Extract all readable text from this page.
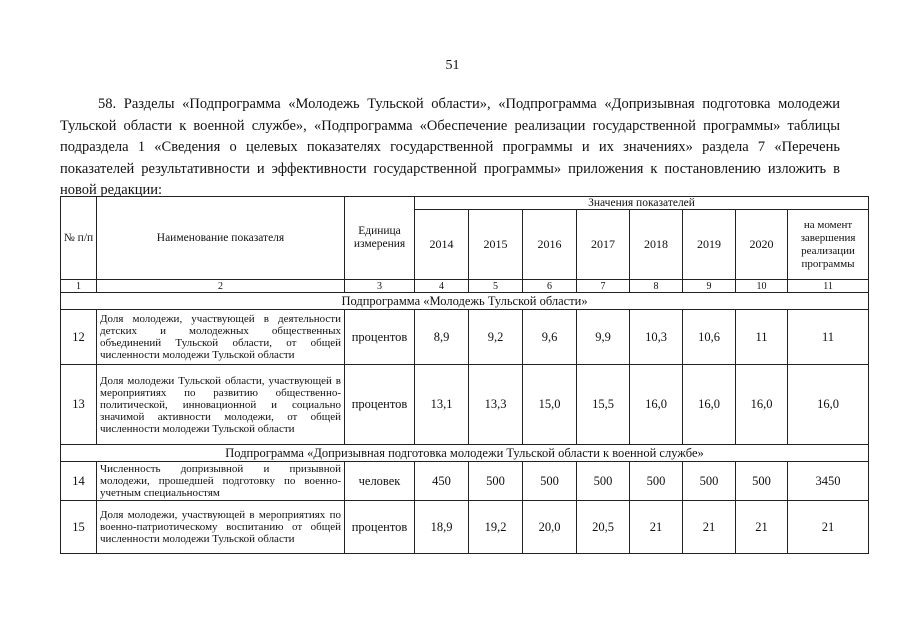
51

58. Разделы «Подпрограмма «Молодежь Тульской области», «Подпрограмма «Допризывная подготовка молодежи Тульской области к военной службе», «Подпрограмма «Обеспечение реализации государственной программы» таблицы подраздела 1 «Сведения о целевых показателях государственной программы и их значениях» раздела 7 «Перечень показателей результативности и эффективности государственной программы» приложения к постановлению изложить в новой редакции:

№ п/п	Наименование показателя	Единица измерения	Значения показателей							
			2014	2015	2016	2017	2018	2019	2020	на момент завершения реализации программы
1	2	3	4	5	6	7	8	9	10	11
Подпрограмма «Молодежь Тульской области»										
12	Доля молодежи, участвующей в деятельности детских и молодежных общественных объединений Тульской области, от общей численности молодежи Тульской области	процентов	8,9	9,2	9,6	9,9	10,3	10,6	11	11
13	Доля молодежи Тульской области, участвующей в мероприятиях по развитию общественно-политической, инновационной и социально значимой активности молодежи, от общей численности молодежи Тульской области	процентов	13,1	13,3	15,0	15,5	16,0	16,0	16,0	16,0
Подпрограмма «Допризывная подготовка молодежи Тульской области к военной службе»										
14	Численность допризывной и призывной молодежи, прошедшей подготовку по военно-учетным специальностям	человек	450	500	500	500	500	500	500	3450
15	Доля молодежи, участвующей в мероприятиях по военно-патриотическому воспитанию от общей численности молодежи Тульской области	процентов	18,9	19,2	20,0	20,5	21	21	21	21
